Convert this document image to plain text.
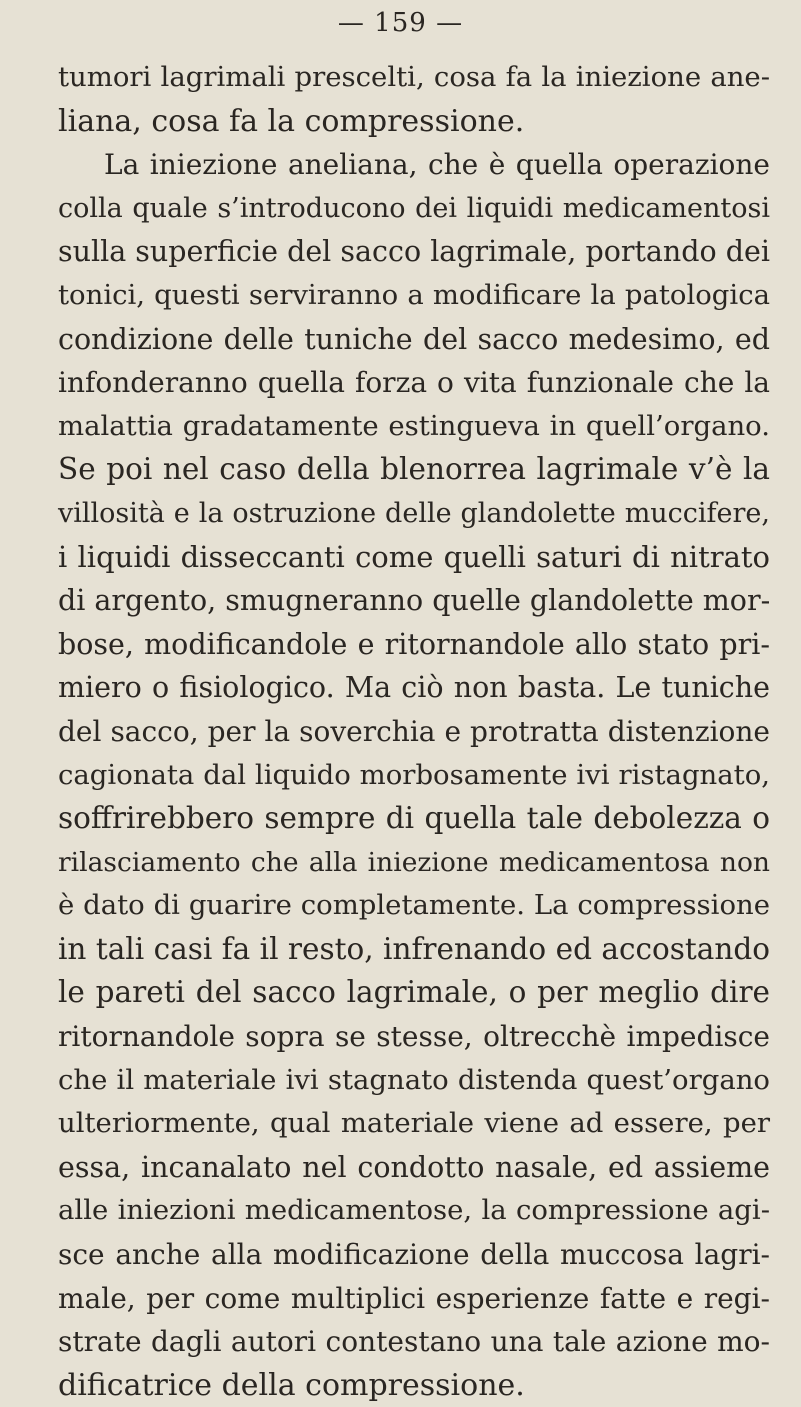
— 159 —
tumori lagrimali prescelti, cosa fa la iniezione ane-
liana, cosa fa la compressione.
La iniezione aneliana, che è quella operazione
colla quale s’introducono dei liquidi medicamentosi
sulla superficie del sacco lagrimale, portando dei
tonici, questi serviranno a modificare la patologica
condizione delle tuniche del sacco medesimo, ed
infonderanno quella forza o vita funzionale che la
malattia gradatamente estingueva in quell’organo.
Se poi nel caso della blenorrea lagrimale v’è la
villosità e la ostruzione delle glandolette muccifere,
i liquidi disseccanti come quelli saturi di nitrato
di argento, smugneranno quelle glandolette mor-
bose, modificandole e ritornandole allo stato pri-
miero o fisiologico. Ma ciò non basta. Le tuniche
del sacco, per la soverchia e protratta distenzione
cagionata dal liquido morbosamente ivi ristagnato,
soffrirebbero sempre di quella tale debolezza o
rilasciamento che alla iniezione medicamentosa non
è dato di guarire completamente. La compressione
in tali casi fa il resto, infrenando ed accostando
le pareti del sacco lagrimale, o per meglio dire
ritornandole sopra se stesse, oltrecchè impedisce
che il materiale ivi stagnato distenda quest’organo
ulteriormente, qual materiale viene ad essere, per
essa, incanalato nel condotto nasale, ed assieme
alle iniezioni medicamentose, la compressione agi-
sce anche alla modificazione della muccosa lagri-
male, per come multiplici esperienze fatte e regi-
strate dagli autori contestano una tale azione mo-
dificatrice della compressione.
